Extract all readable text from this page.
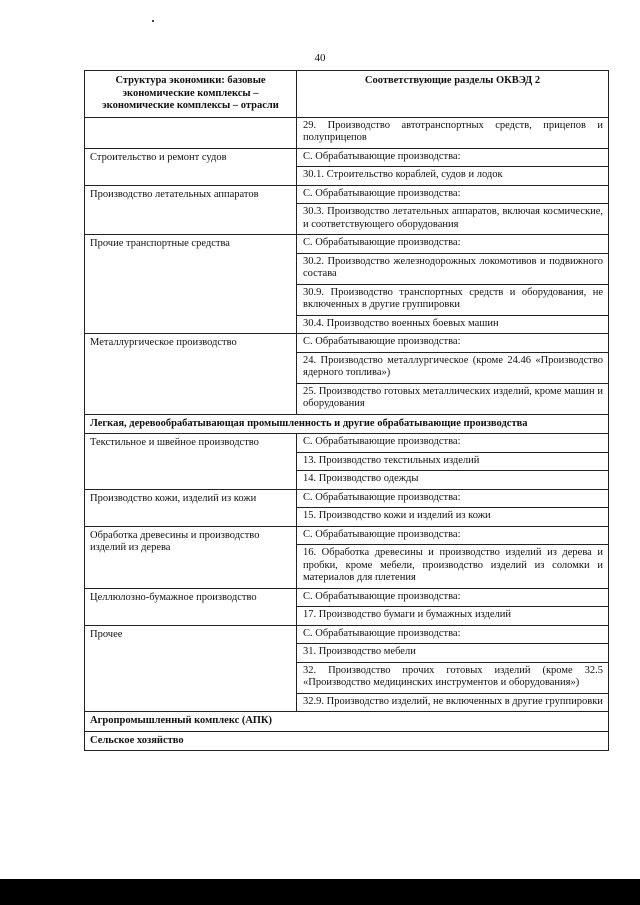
40
Структура экономики: базовые экономические комплексы – экономические комплексы – отрасли	Соответствующие разделы ОКВЭД 2

	29. Производство автотранспортных средств, прицепов и полуприцепов

Строительство и ремонт судов	С. Обрабатывающие производства:
30.1. Строительство кораблей, судов и лодок

Производство летательных аппаратов	С. Обрабатывающие производства:
30.3. Производство летательных аппаратов, включая космические, и соответствующего оборудования

Прочие транспортные средства	С. Обрабатывающие производства:
30.2. Производство железнодорожных локомотивов и подвижного состава
30.9. Производство транспортных средств и оборудования, не включенных в другие группировки
30.4. Производство военных боевых машин

Металлургическое производство	С. Обрабатывающие производства:
24. Производство металлургическое (кроме 24.46 «Производство ядерного топлива»)
25. Производство готовых металлических изделий, кроме машин и оборудования

Легкая, деревообрабатывающая промышленность и другие обрабатывающие производства	
Текстильное и швейное производство	С. Обрабатывающие производства:
13. Производство текстильных изделий
14. Производство одежды

Производство кожи, изделий из кожи	С. Обрабатывающие производства:
15. Производство кожи и изделий из кожи

Обработка древесины и производство изделий из дерева	С. Обрабатывающие производства:
16. Обработка древесины и производство изделий из дерева и пробки, кроме мебели, производство изделий из соломки и материалов для плетения

Целлюлозно-бумажное производство	С. Обрабатывающие производства:
17. Производство бумаги и бумажных изделий

Прочее	С. Обрабатывающие производства:
31. Производство мебели
32. Производство прочих готовых изделий (кроме 32.5 «Производство медицинских инструментов и оборудования»)
32.9. Производство изделий, не включенных в другие группировки

Агропромышленный комплекс (АПК)	
Сельское хозяйство	
